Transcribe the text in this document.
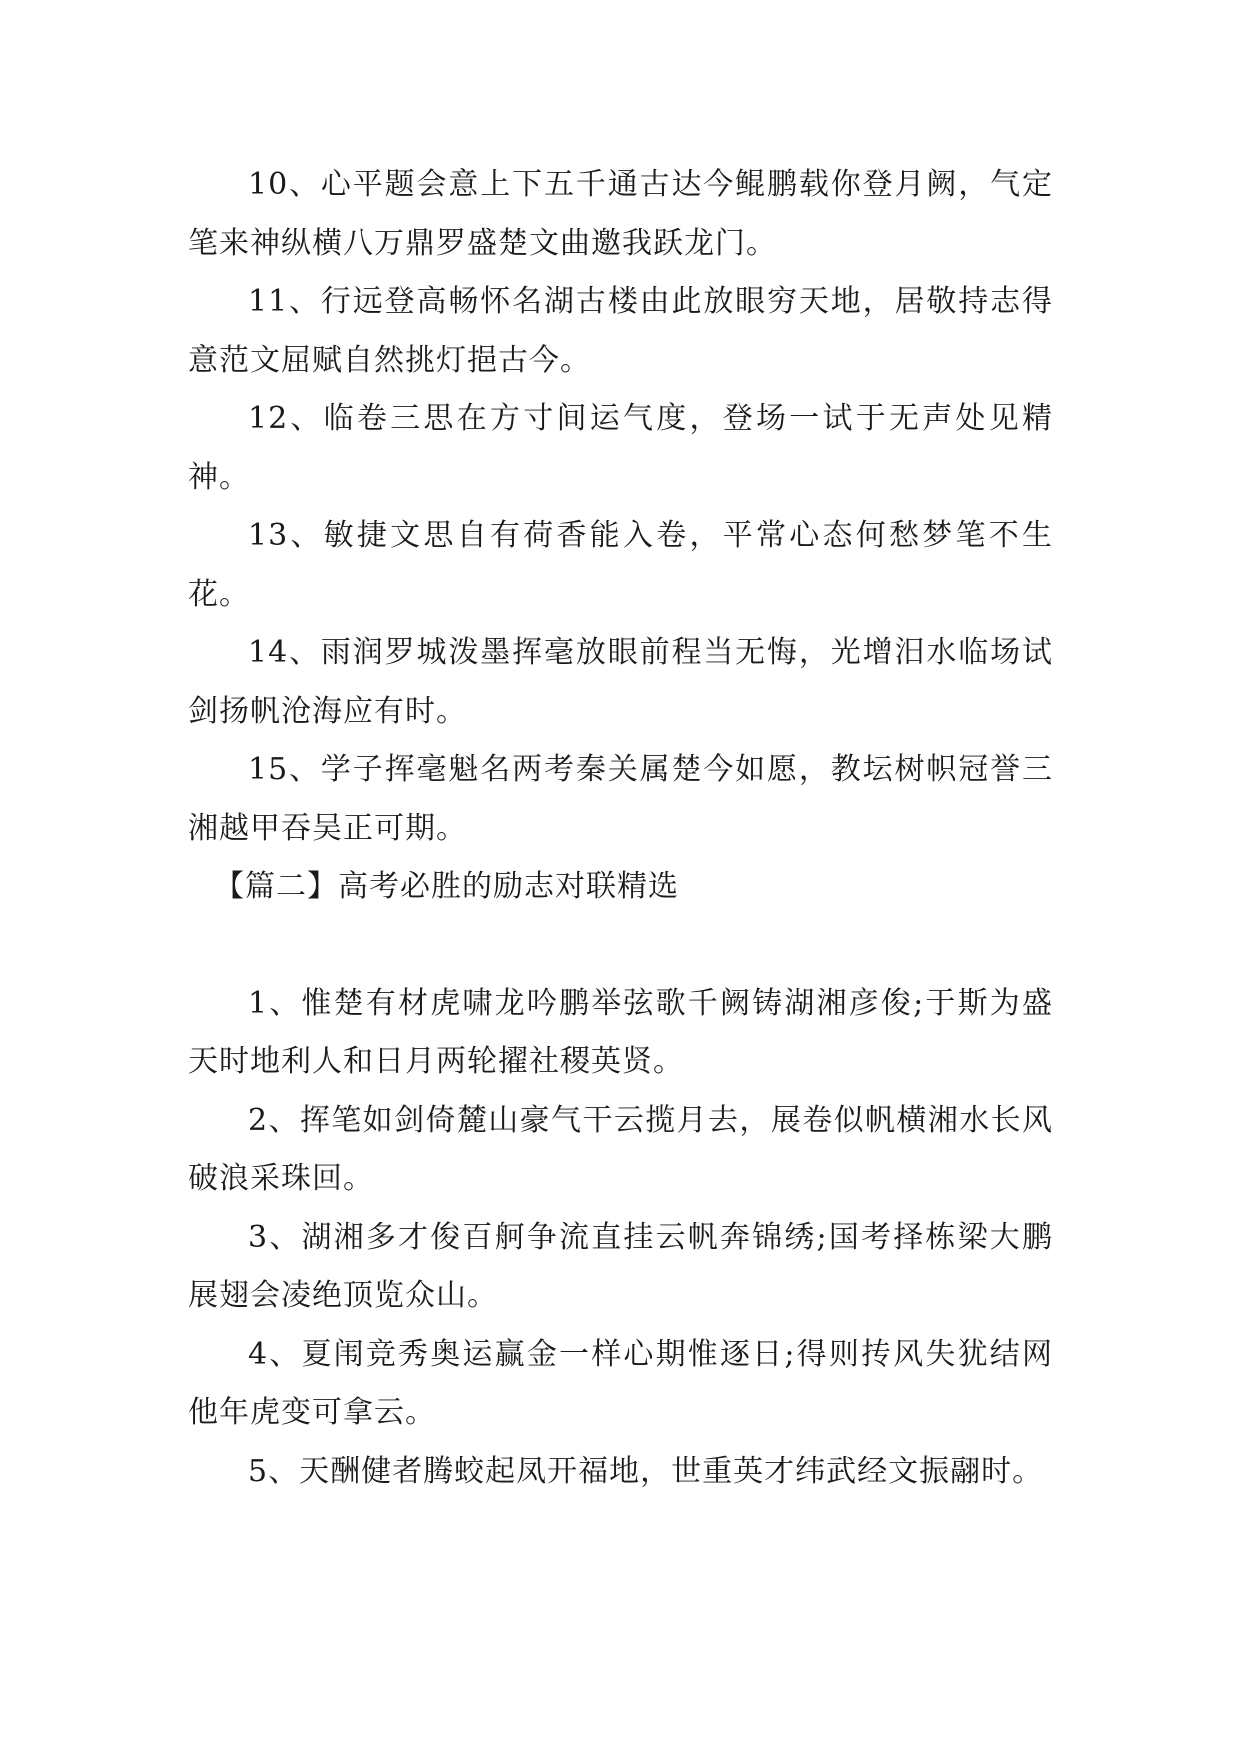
10、心平题会意上下五千通古达今鲲鹏载你登月阙，气定笔来神纵横八万鼎罗盛楚文曲邀我跃龙门。

11、行远登高畅怀名湖古楼由此放眼穷天地，居敬持志得意范文屈赋自然挑灯挹古今。

12、临卷三思在方寸间运气度，登场一试于无声处见精神。

13、敏捷文思自有荷香能入卷，平常心态何愁梦笔不生花。

14、雨润罗城泼墨挥毫放眼前程当无悔，光增汨水临场试剑扬帆沧海应有时。

15、学子挥毫魁名两考秦关属楚今如愿，教坛树帜冠誉三湘越甲吞吴正可期。

【篇二】高考必胜的励志对联精选

1、惟楚有材虎啸龙吟鹏举弦歌千阙铸湖湘彦俊;于斯为盛天时地利人和日月两轮擢社稷英贤。

2、挥笔如剑倚麓山豪气干云揽月去，展卷似帆横湘水长风破浪采珠回。

3、湖湘多才俊百舸争流直挂云帆奔锦绣;国考择栋梁大鹏展翅会凌绝顶览众山。

4、夏闱竞秀奥运赢金一样心期惟逐日;得则抟风失犹结网他年虎变可拿云。

5、天酬健者腾蛟起凤开福地，世重英才纬武经文振翮时。
